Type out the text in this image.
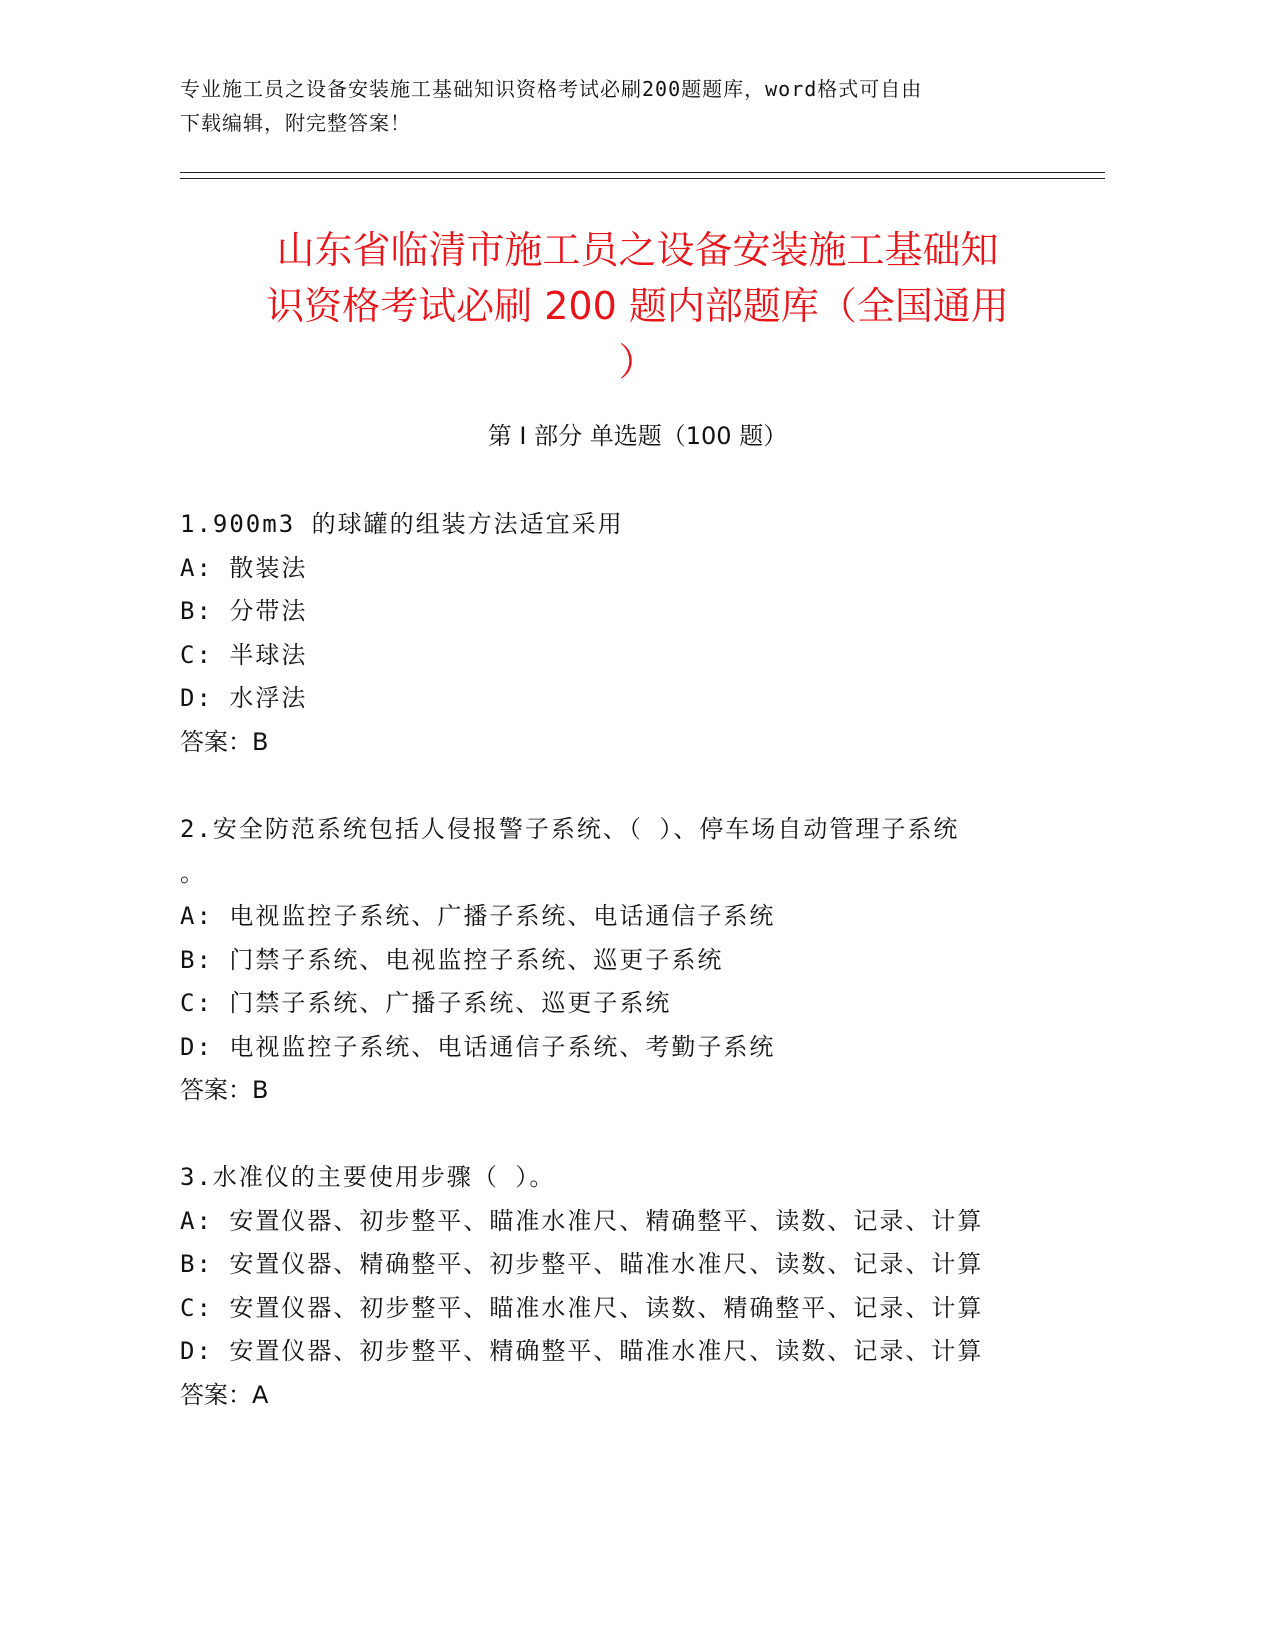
专业施工员之设备安装施工基础知识资格考试必刷200题题库，word格式可自由
下载编辑，附完整答案！
山东省临清市施工员之设备安装施工基础知
识资格考试必刷 200 题内部题库（全国通用
）
第 I 部分 单选题（100 题）
1.900m3 的球罐的组装方法适宜采用
A: 散装法
B: 分带法
C: 半球法
D: 水浮法
答案：B
2.安全防范系统包括人侵报警子系统、（ ）、停车场自动管理子系统
。
A: 电视监控子系统、广播子系统、电话通信子系统
B: 门禁子系统、电视监控子系统、巡更子系统
C: 门禁子系统、广播子系统、巡更子系统
D: 电视监控子系统、电话通信子系统、考勤子系统
答案：B
3.水准仪的主要使用步骤（ ）。
A: 安置仪器、初步整平、瞄准水准尺、精确整平、读数、记录、计算
B: 安置仪器、精确整平、初步整平、瞄准水准尺、读数、记录、计算
C: 安置仪器、初步整平、瞄准水准尺、读数、精确整平、记录、计算
D: 安置仪器、初步整平、精确整平、瞄准水准尺、读数、记录、计算
答案：A
